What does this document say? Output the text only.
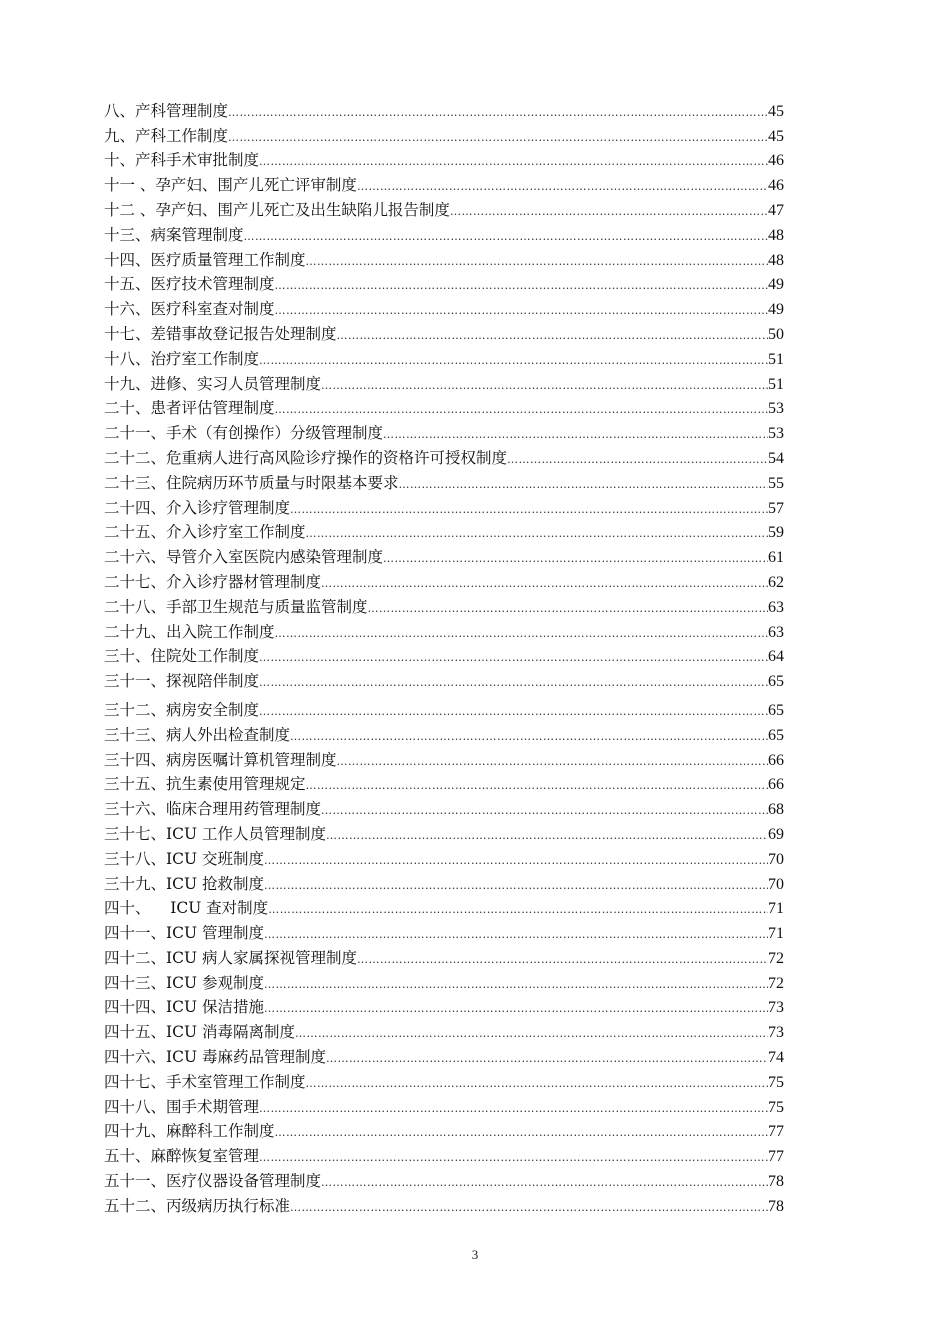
八、产科管理制度 ………………………………………………………………………………………………………………………………………………………………………………………………	45
九、产科工作制度 ………………………………………………………………………………………………………………………………………………………………………………………………	45
十、产科手术审批制度 ………………………………………………………………………………………………………………………………………………………………………………………………	46
十一 、孕产妇、围产儿死亡评审制度 ………………………………………………………………………………………………………………………………………………………………………………………………	46
十二 、孕产妇、围产儿死亡及出生缺陷儿报告制度 ………………………………………………………………………………………………………………………………………………………………………………………………	47
十三、病案管理制度 ………………………………………………………………………………………………………………………………………………………………………………………………	48
十四、医疗质量管理工作制度 ………………………………………………………………………………………………………………………………………………………………………………………………	48
十五、医疗技术管理制度 ………………………………………………………………………………………………………………………………………………………………………………………………	49
十六、医疗科室查对制度 ………………………………………………………………………………………………………………………………………………………………………………………………	49
十七、差错事故登记报告处理制度 ………………………………………………………………………………………………………………………………………………………………………………………………	50
十八、治疗室工作制度 ………………………………………………………………………………………………………………………………………………………………………………………………	51
十九、进修、实习人员管理制度 ………………………………………………………………………………………………………………………………………………………………………………………………	51
二十、患者评估管理制度 ………………………………………………………………………………………………………………………………………………………………………………………………	53
二十一、手术（有创操作）分级管理制度 ………………………………………………………………………………………………………………………………………………………………………………………………	53
二十二、危重病人进行高风险诊疗操作的资格许可授权制度 ………………………………………………………………………………………………………………………………………………………………………………………………	54
二十三、住院病历环节质量与时限基本要求 ………………………………………………………………………………………………………………………………………………………………………………………………	55
二十四、介入诊疗管理制度 ………………………………………………………………………………………………………………………………………………………………………………………………	57
二十五、介入诊疗室工作制度 ………………………………………………………………………………………………………………………………………………………………………………………………	59
二十六、导管介入室医院内感染管理制度 ………………………………………………………………………………………………………………………………………………………………………………………………	61
二十七、介入诊疗器材管理制度 ………………………………………………………………………………………………………………………………………………………………………………………………	62
二十八、手部卫生规范与质量监管制度 ………………………………………………………………………………………………………………………………………………………………………………………………	63
二十九、出入院工作制度 ………………………………………………………………………………………………………………………………………………………………………………………………	63
三十、住院处工作制度 ………………………………………………………………………………………………………………………………………………………………………………………………	64
三十一、探视陪伴制度 ………………………………………………………………………………………………………………………………………………………………………………………………	65
三十二、病房安全制度 ………………………………………………………………………………………………………………………………………………………………………………………………	65
三十三、病人外出检查制度 ………………………………………………………………………………………………………………………………………………………………………………………………	65
三十四、病房医嘱计算机管理制度 ………………………………………………………………………………………………………………………………………………………………………………………………	66
三十五、抗生素使用管理规定 ………………………………………………………………………………………………………………………………………………………………………………………………	66
三十六、临床合理用药管理制度 ………………………………………………………………………………………………………………………………………………………………………………………………	68
三十七、ICU 工作人员管理制度 ………………………………………………………………………………………………………………………………………………………………………………………………	69
三十八、ICU 交班制度 ………………………………………………………………………………………………………………………………………………………………………………………………	70
三十九、ICU 抢救制度 ………………………………………………………………………………………………………………………………………………………………………………………………	70
四十、    ICU 查对制度 ………………………………………………………………………………………………………………………………………………………………………………………………	71
四十一、ICU 管理制度 ………………………………………………………………………………………………………………………………………………………………………………………………	71
四十二、ICU 病人家属探视管理制度 ………………………………………………………………………………………………………………………………………………………………………………………………	72
四十三、ICU 参观制度 ………………………………………………………………………………………………………………………………………………………………………………………………	72
四十四、ICU 保洁措施 ………………………………………………………………………………………………………………………………………………………………………………………………	73
四十五、ICU 消毒隔离制度 ………………………………………………………………………………………………………………………………………………………………………………………………	73
四十六、ICU 毒麻药品管理制度 ………………………………………………………………………………………………………………………………………………………………………………………………	74
四十七、手术室管理工作制度 ………………………………………………………………………………………………………………………………………………………………………………………………	75
四十八、围手术期管理 ………………………………………………………………………………………………………………………………………………………………………………………………	75
四十九、麻醉科工作制度 ………………………………………………………………………………………………………………………………………………………………………………………………	77
五十、麻醉恢复室管理 ………………………………………………………………………………………………………………………………………………………………………………………………	77
五十一、医疗仪器设备管理制度 ………………………………………………………………………………………………………………………………………………………………………………………………	78
五十二、丙级病历执行标准 ………………………………………………………………………………………………………………………………………………………………………………………………	78
3
